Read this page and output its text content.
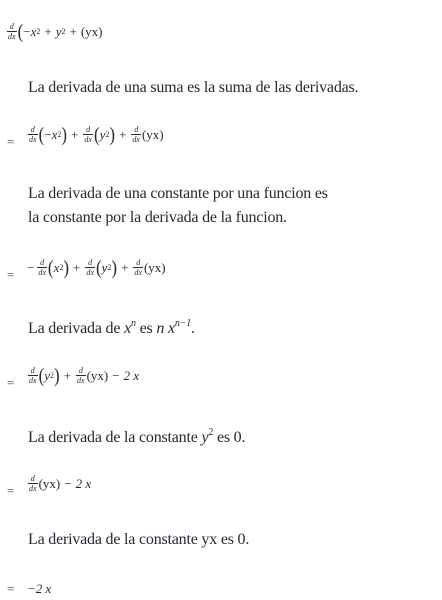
$\frac{d}{dx}$ ( − x 2 + y 2 + (yx)
La derivada de una suma es la suma de las derivadas.
= $\frac{d}{dx}$ ( − x 2 ) + $\frac{d}{dx}$ ( y 2 ) + $\frac{d}{dx} (yx)$
La derivada de una constante por una funcion es
la constante por la derivada de la funcion.
= − $\frac{d}{dx}$ ( x 2 ) + $\frac{d}{dx}$ ( y 2 ) + $\frac{d}{dx} (yx)$
La derivada de $x^n$ es n $x^{n-1}$.
= $\frac{d}{dx}$ ( y 2 ) + $\frac{d}{dx} (yx) - 2$ x
La derivada de la constante $y^2$ es 0.
= $\frac{d}{dx} (yx) - 2$ x
La derivada de la constante yx es 0.
= −2 x
